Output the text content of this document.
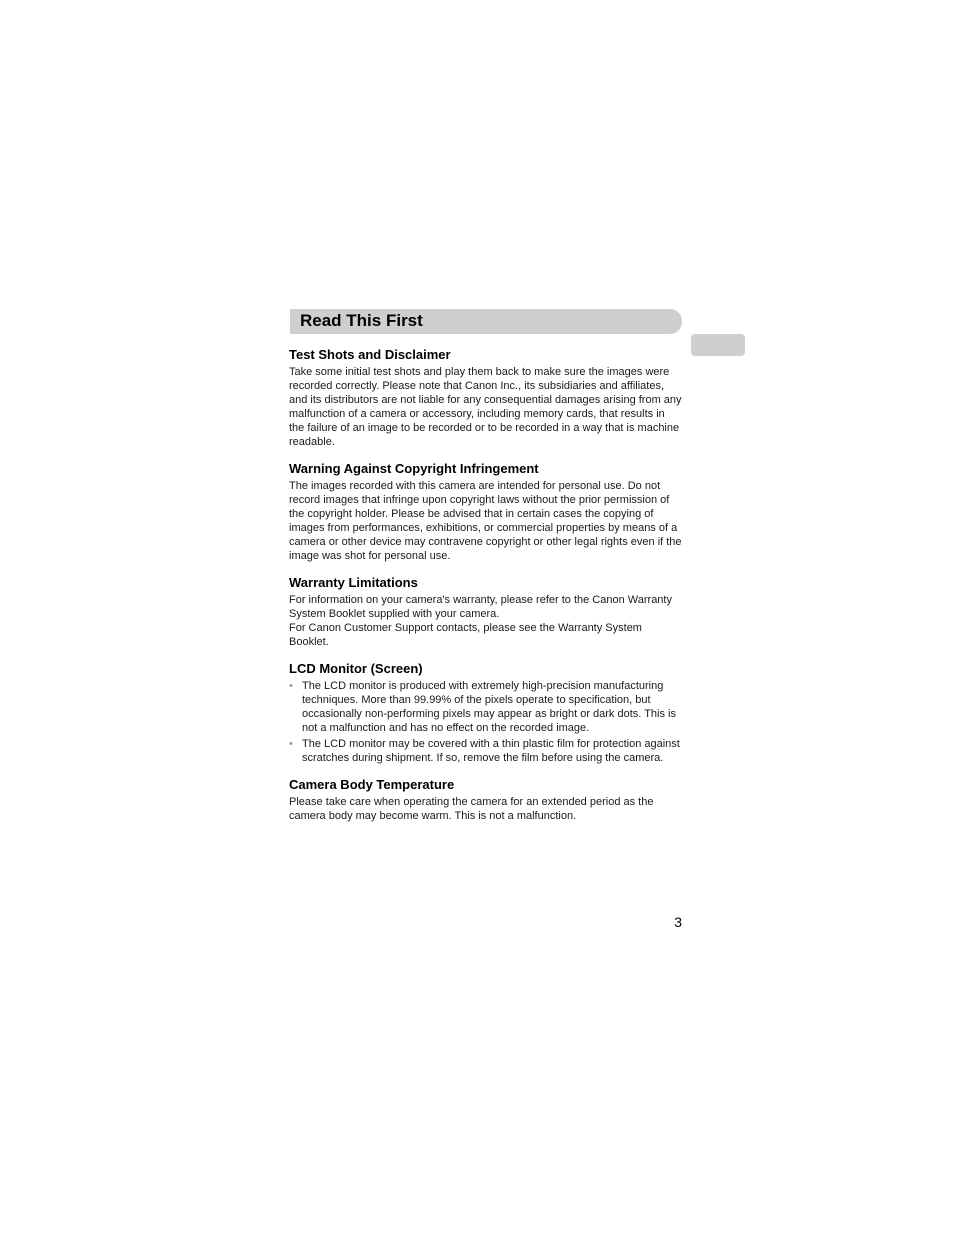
Read This First
Test Shots and Disclaimer

Take some initial test shots and play them back to make sure the images were recorded correctly. Please note that Canon Inc., its subsidiaries and affiliates, and its distributors are not liable for any consequential damages arising from any malfunction of a camera or accessory, including memory cards, that results in the failure of an image to be recorded or to be recorded in a way that is machine readable.

Warning Against Copyright Infringement

The images recorded with this camera are intended for personal use. Do not record images that infringe upon copyright laws without the prior permission of the copyright holder. Please be advised that in certain cases the copying of images from performances, exhibitions, or commercial properties by means of a camera or other device may contravene copyright or other legal rights even if the image was shot for personal use.

Warranty Limitations

For information on your camera's warranty, please refer to the Canon Warranty System Booklet supplied with your camera.

For Canon Customer Support contacts, please see the Warranty System Booklet.

LCD Monitor (Screen)
• The LCD monitor is produced with extremely high-precision manufacturing techniques. More than 99.99% of the pixels operate to specification, but occasionally non-performing pixels may appear as bright or dark dots. This is not a malfunction and has no effect on the recorded image.
• The LCD monitor may be covered with a thin plastic film for protection against scratches during shipment. If so, remove the film before using the camera.
Camera Body Temperature

Please take care when operating the camera for an extended period as the camera body may become warm. This is not a malfunction.

3
